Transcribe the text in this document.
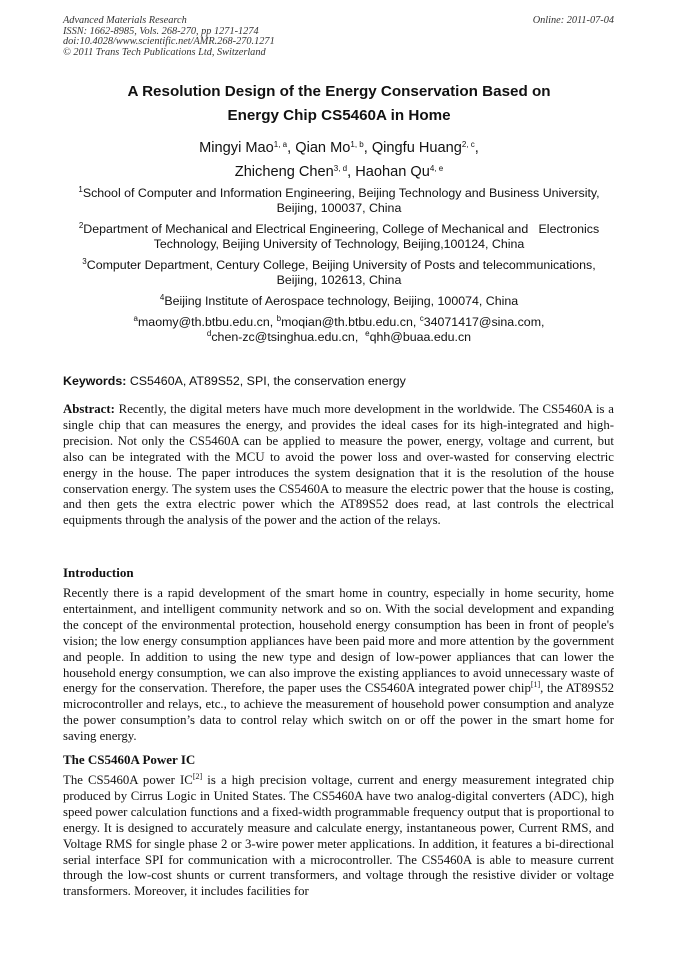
Advanced Materials Research
ISSN: 1662-8985, Vols. 268-270, pp 1271-1274
doi:10.4028/www.scientific.net/AMR.268-270.1271
© 2011 Trans Tech Publications Ltd, Switzerland
Online: 2011-07-04
A Resolution Design of the Energy Conservation Based on
Energy Chip CS5460A in Home
Mingyi Mao$^{1, a}$, Qian Mo$^{1, b}$, Qingfu Huang$^{2, c}$,
Zhicheng Chen$^{3, d}$, Haohan Qu$^{4, e}$
$^1$School of Computer and Information Engineering, Beijing Technology and Business University,
Beijing, 100037, China
$^2$Department of Mechanical and Electrical Engineering, College of Mechanical and   Electronics
Technology, Beijing University of Technology, Beijing,100124, China
$^3$Computer Department, Century College, Beijing University of Posts and telecommunications,
Beijing, 102613, China
$^4$Beijing Institute of Aerospace technology, Beijing, 100074, China
$^a$maomy@th.btbu.edu.cn, $^b$moqian@th.btbu.edu.cn, $^c$34071417@sina.com,
$^d$chen-zc@tsinghua.edu.cn, $^e$qhh@buaa.edu.cn
Keywords: CS5460A, AT89S52, SPI, the conservation energy
Abstract: Recently, the digital meters have much more development in the worldwide. The CS5460A is a single chip that can measures the energy, and provides the ideal cases for its high-integrated and high-precision. Not only the CS5460A can be applied to measure the power, energy, voltage and current, but also can be integrated with the MCU to avoid the power loss and over-wasted for conserving electric energy in the house. The paper introduces the system designation that it is the resolution of the house conservation energy. The system uses the CS5460A to measure the electric power that the house is costing, and then gets the extra electric power which the AT89S52 does read, at last controls the electrical equipments through the analysis of the power and the action of the relays.
Introduction
Recently there is a rapid development of the smart home in country, especially in home security, home entertainment, and intelligent community network and so on. With the social development and expanding the concept of the environmental protection, household energy consumption has been in front of people's vision; the low energy consumption appliances have been paid more and more attention by the government and people. In addition to using the new type and design of low-power appliances that can lower the household energy consumption, we can also improve the existing appliances to avoid unnecessary waste of energy for the conservation. Therefore, the paper uses the CS5460A integrated power chip[1], the AT89S52 microcontroller and relays, etc., to achieve the measurement of household power consumption and analyze the power consumption’s data to control relay which switch on or off the power in the smart home for saving energy.
The CS5460A Power IC
The CS5460A power IC[2] is a high precision voltage, current and energy measurement integrated chip produced by Cirrus Logic in United States. The CS5460A have two analog-digital converters (ADC), high speed power calculation functions and a fixed-width programmable frequency output that is proportional to energy. It is designed to accurately measure and calculate energy, instantaneous power, Current RMS, and Voltage RMS for single phase 2 or 3-wire power meter applications. In addition, it features a bi-directional serial interface SPI for communication with a microcontroller. The CS5460A is able to measure current through the low-cost shunts or current transformers, and voltage through the resistive divider or voltage transformers. Moreover, it includes facilities for
